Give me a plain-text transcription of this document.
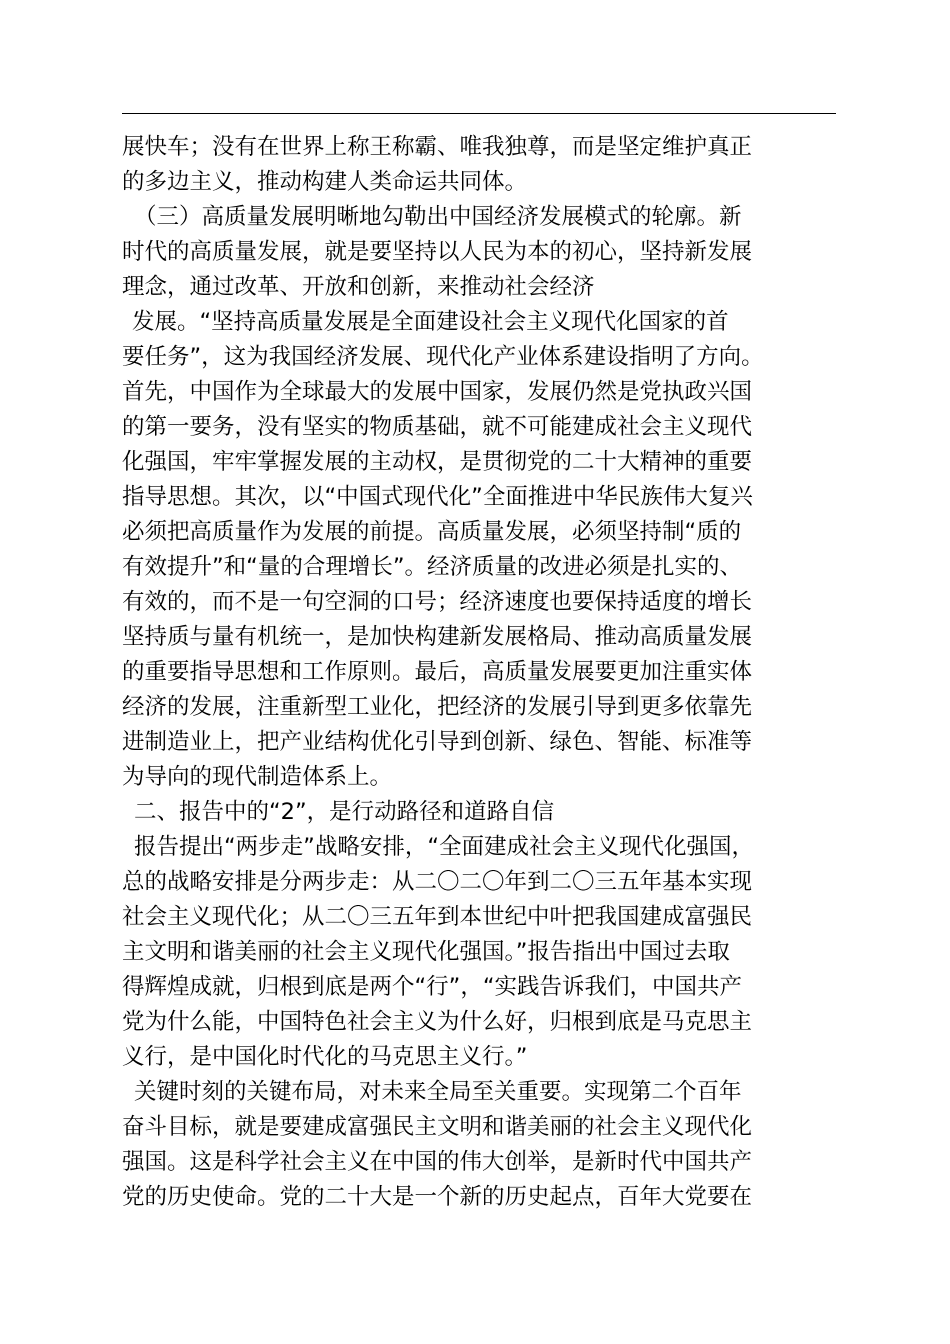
展快车；没有在世界上称王称霸、唯我独尊，而是坚定维护真正
的多边主义，推动构建人类命运共同体。
（三）高质量发展明晰地勾勒出中国经济发展模式的轮廓。新
时代的高质量发展，就是要坚持以人民为本的初心，坚持新发展
理念，通过改革、开放和创新，来推动社会经济
发展。“坚持高质量发展是全面建设社会主义现代化国家的首
要任务”，这为我国经济发展、现代化产业体系建设指明了方向。
首先，中国作为全球最大的发展中国家，发展仍然是党执政兴国
的第一要务，没有坚实的物质基础，就不可能建成社会主义现代
化强国，牢牢掌握发展的主动权，是贯彻党的二十大精神的重要
指导思想。其次，以“中国式现代化”全面推进中华民族伟大复兴
必须把高质量作为发展的前提。高质量发展，必须坚持制“质的
有效提升”和“量的合理增长”。经济质量的改进必须是扎实的、
有效的，而不是一句空洞的口号；经济速度也要保持适度的增长
坚持质与量有机统一，是加快构建新发展格局、推动高质量发展
的重要指导思想和工作原则。最后，高质量发展要更加注重实体
经济的发展，注重新型工业化，把经济的发展引导到更多依靠先
进制造业上，把产业结构优化引导到创新、绿色、智能、标准等
为导向的现代制造体系上。
二、报告中的“2”，是行动路径和道路自信
报告提出“两步走”战略安排，“全面建成社会主义现代化强国，
总的战略安排是分两步走：从二〇二〇年到二〇三五年基本实现
社会主义现代化；从二〇三五年到本世纪中叶把我国建成富强民
主文明和谐美丽的社会主义现代化强国。”报告指出中国过去取
得辉煌成就，归根到底是两个“行”，“实践告诉我们，中国共产
党为什么能，中国特色社会主义为什么好，归根到底是马克思主
义行，是中国化时代化的马克思主义行。”
关键时刻的关键布局，对未来全局至关重要。实现第二个百年
奋斗目标，就是要建成富强民主文明和谐美丽的社会主义现代化
强国。这是科学社会主义在中国的伟大创举，是新时代中国共产
党的历史使命。党的二十大是一个新的历史起点，百年大党要在
